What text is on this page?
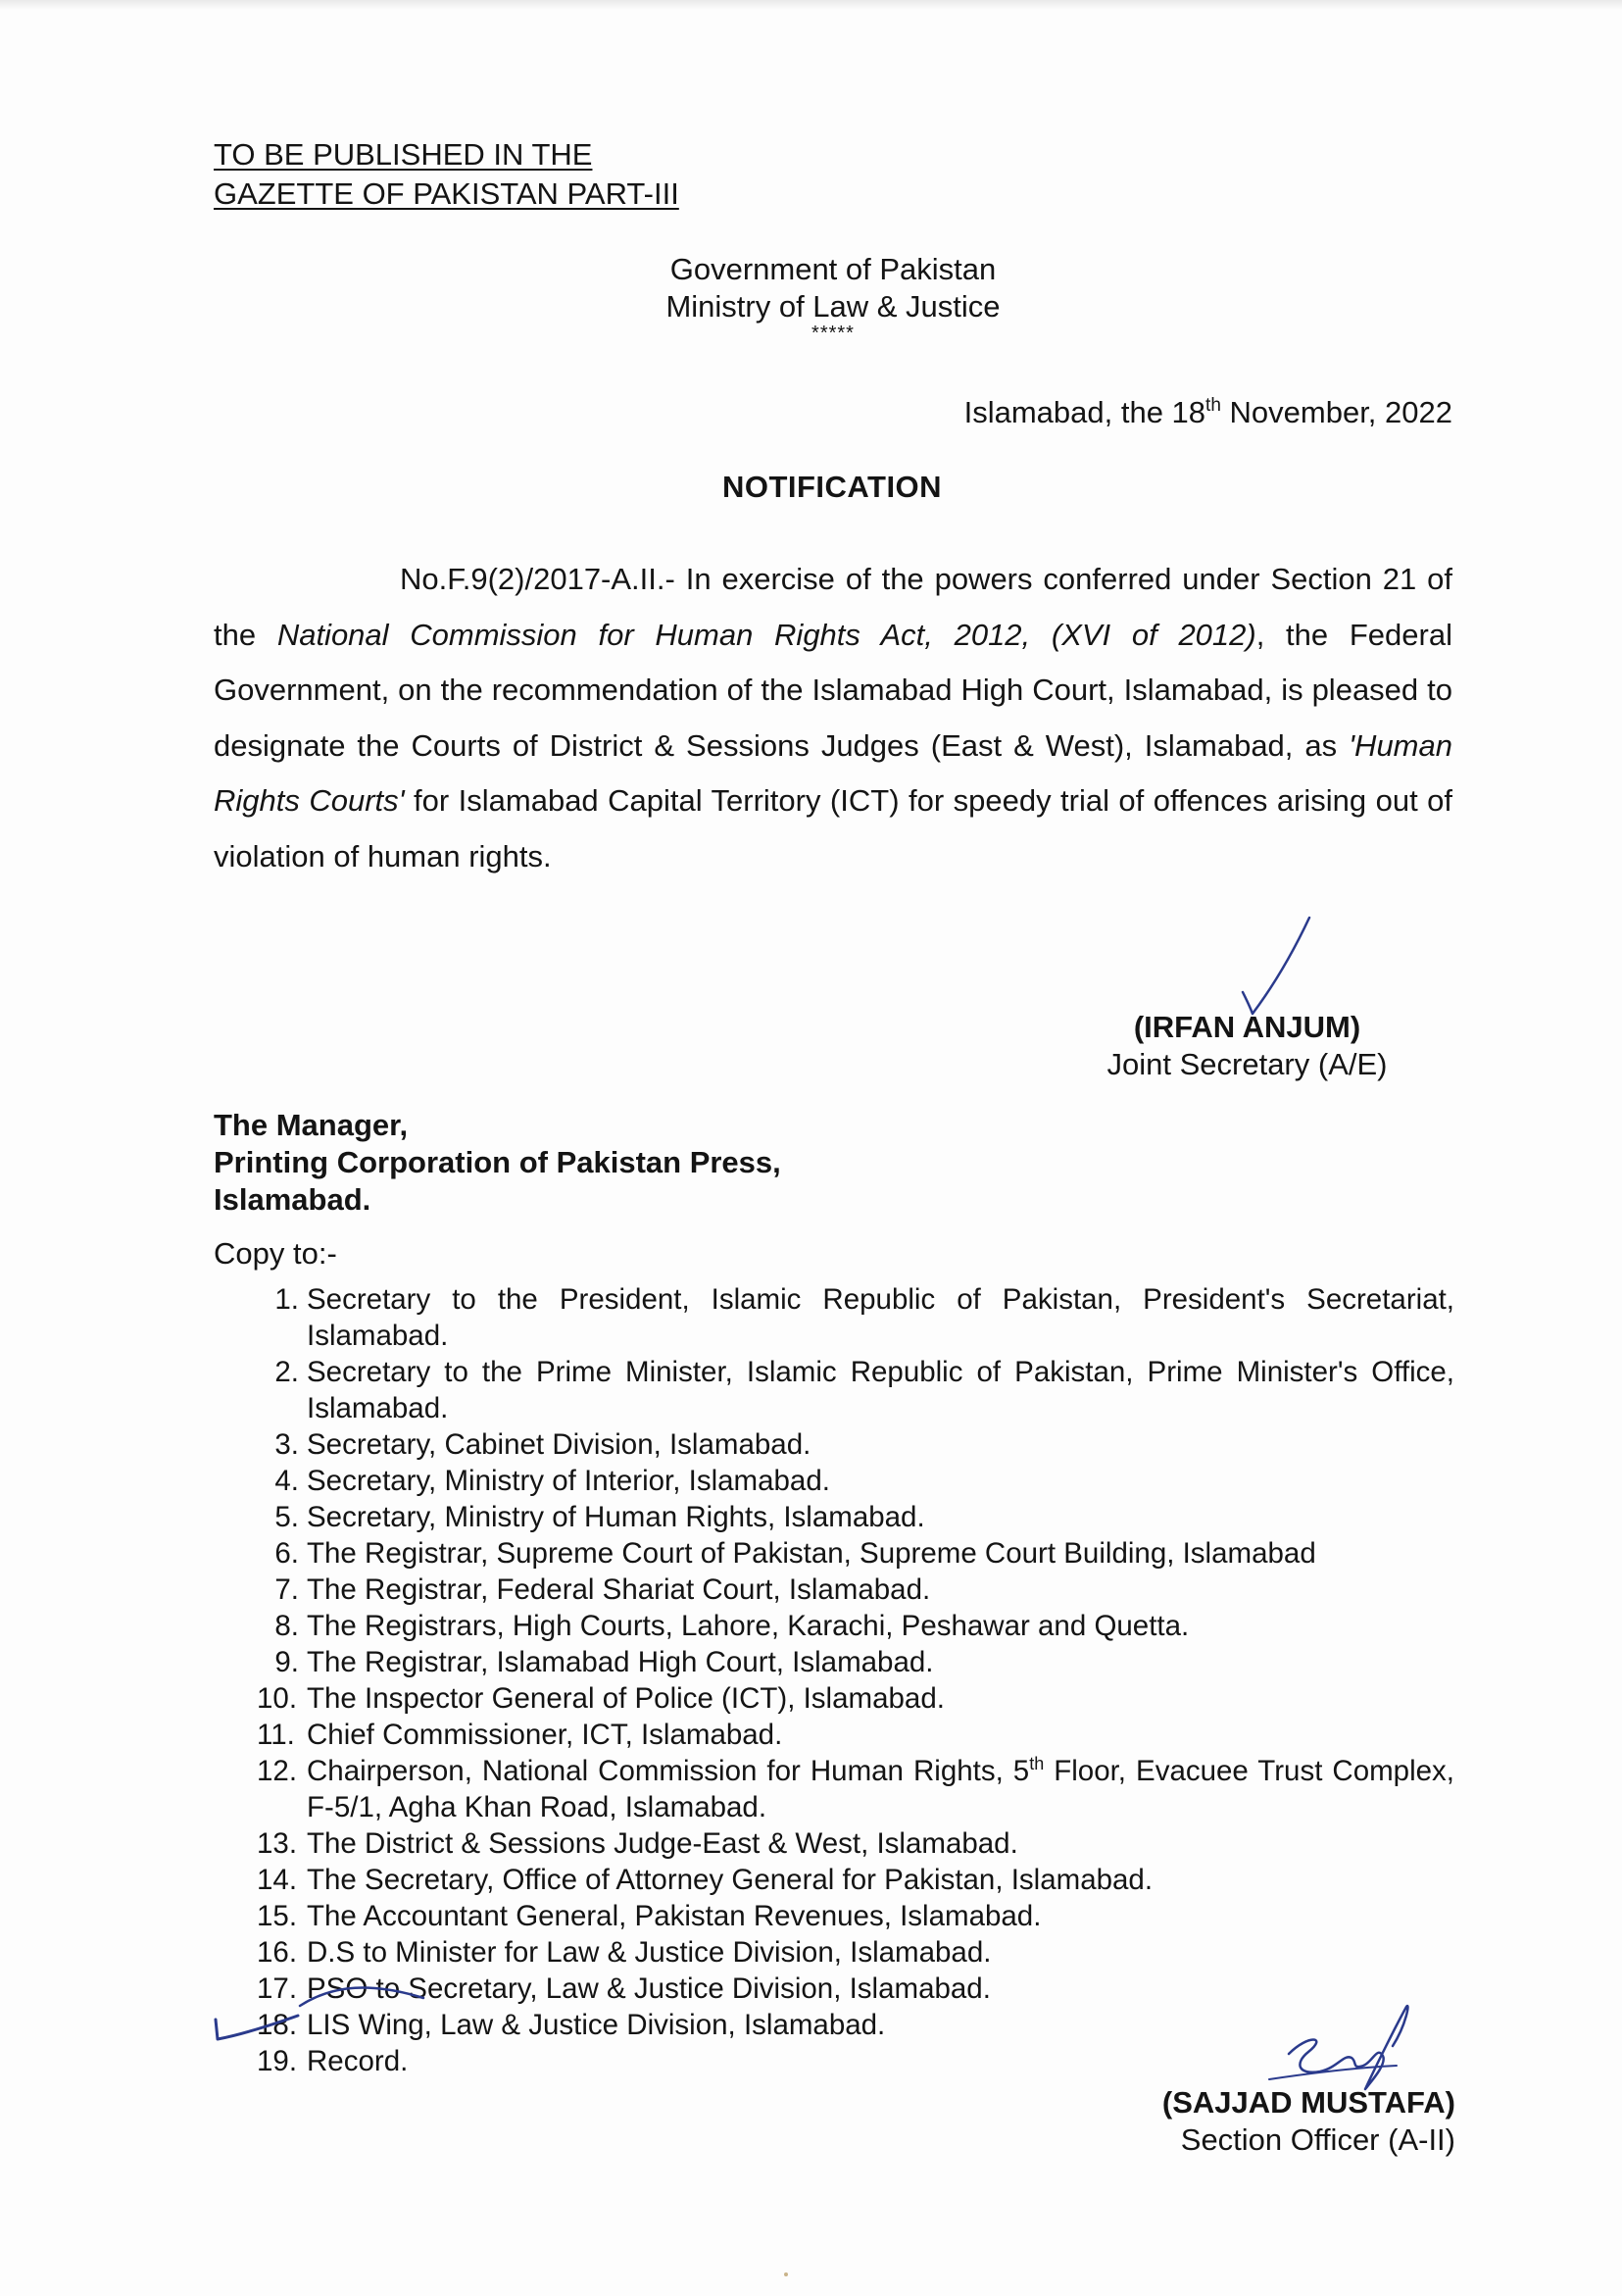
TO BE PUBLISHED IN THE
GAZETTE OF PAKISTAN PART-III
Government of Pakistan
Ministry of Law & Justice
*****
Islamabad, the 18th November, 2022
NOTIFICATION
No.F.9(2)/2017-A.II.- In exercise of the powers conferred under Section 21 of the National Commission for Human Rights Act, 2012, (XVI of 2012), the Federal Government, on the recommendation of the Islamabad High Court, Islamabad, is pleased to designate the Courts of District & Sessions Judges (East & West), Islamabad, as 'Human Rights Courts' for Islamabad Capital Territory (ICT) for speedy trial of offences arising out of violation of human rights.
(IRFAN ANJUM)
Joint Secretary (A/E)
The Manager,
Printing Corporation of Pakistan Press,
Islamabad.
Copy to:-
1. Secretary to the President, Islamic Republic of Pakistan, President's Secretariat, Islamabad.
2. Secretary to the Prime Minister, Islamic Republic of Pakistan, Prime Minister's Office, Islamabad.
3. Secretary, Cabinet Division, Islamabad.
4. Secretary, Ministry of Interior, Islamabad.
5. Secretary, Ministry of Human Rights, Islamabad.
6. The Registrar, Supreme Court of Pakistan, Supreme Court Building, Islamabad
7. The Registrar, Federal Shariat Court, Islamabad.
8. The Registrars, High Courts, Lahore, Karachi, Peshawar and Quetta.
9. The Registrar, Islamabad High Court, Islamabad.
10. The Inspector General of Police (ICT), Islamabad.
11. Chief Commissioner, ICT, Islamabad.
12. Chairperson, National Commission for Human Rights, 5th Floor, Evacuee Trust Complex, F-5/1, Agha Khan Road, Islamabad.
13. The District & Sessions Judge-East & West, Islamabad.
14. The Secretary, Office of Attorney General for Pakistan, Islamabad.
15. The Accountant General, Pakistan Revenues, Islamabad.
16. D.S to Minister for Law & Justice Division, Islamabad.
17. PSO to Secretary, Law & Justice Division, Islamabad.
18. LIS Wing, Law & Justice Division, Islamabad.
19. Record.
(SAJJAD MUSTAFA)
Section Officer (A-II)
